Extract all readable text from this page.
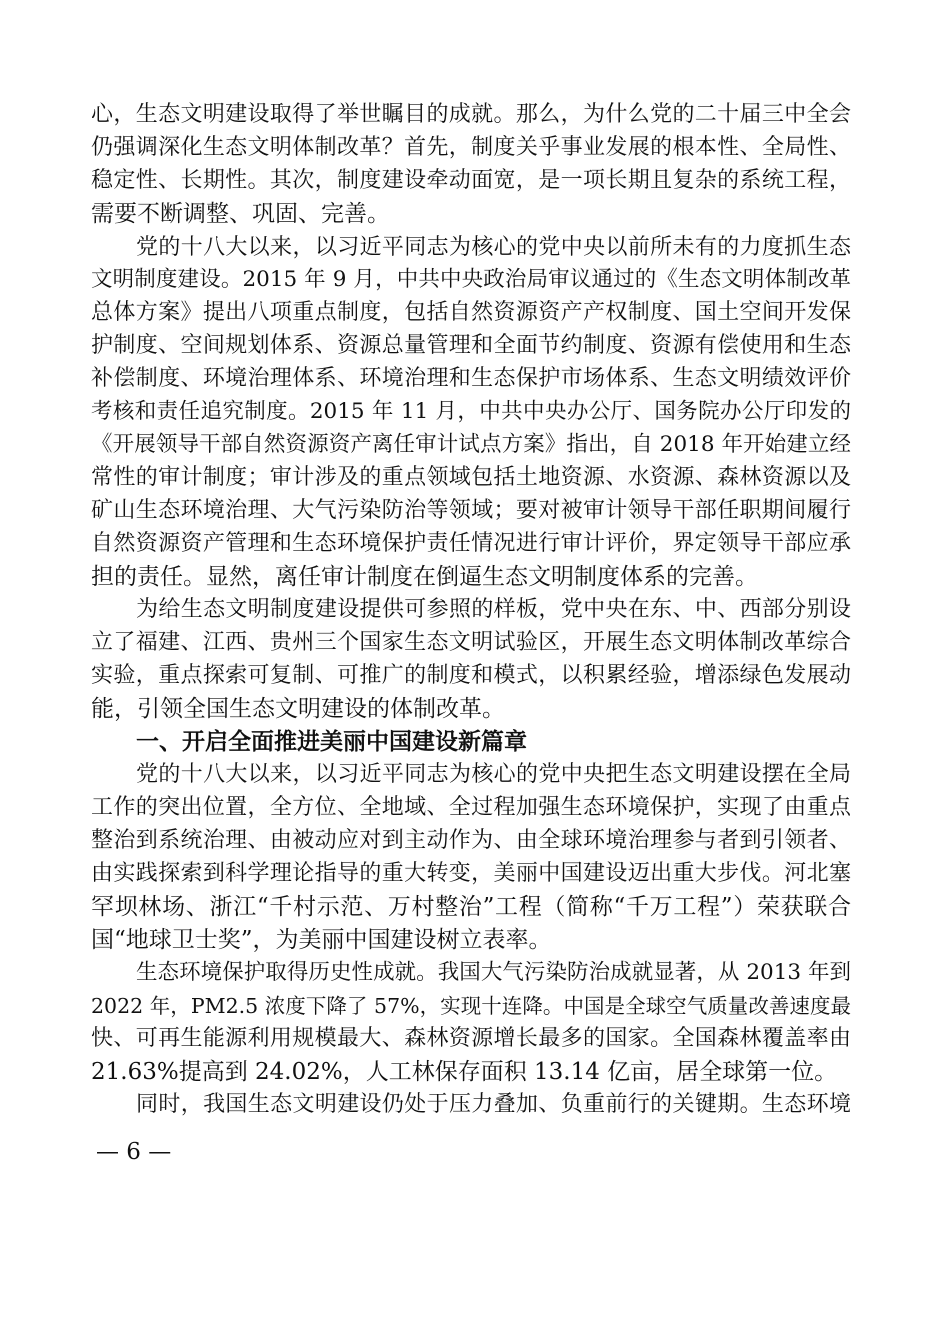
心，生态文明建设取得了举世瞩目的成就。那么，为什么党的二十届三中全会
仍强调深化生态文明体制改革？首先，制度关乎事业发展的根本性、全局性、
稳定性、长期性。其次，制度建设牵动面宽，是一项长期且复杂的系统工程，
需要不断调整、巩固、完善。
党的十八大以来，以习近平同志为核心的党中央以前所未有的力度抓生态
文明制度建设。2015 年 9 月，中共中央政治局审议通过的《生态文明体制改革
总体方案》提出八项重点制度，包括自然资源资产产权制度、国土空间开发保
护制度、空间规划体系、资源总量管理和全面节约制度、资源有偿使用和生态
补偿制度、环境治理体系、环境治理和生态保护市场体系、生态文明绩效评价
考核和责任追究制度。2015 年 11 月，中共中央办公厅、国务院办公厅印发的
《开展领导干部自然资源资产离任审计试点方案》指出，自 2018 年开始建立经
常性的审计制度；审计涉及的重点领域包括土地资源、水资源、森林资源以及
矿山生态环境治理、大气污染防治等领域；要对被审计领导干部任职期间履行
自然资源资产管理和生态环境保护责任情况进行审计评价，界定领导干部应承
担的责任。显然，离任审计制度在倒逼生态文明制度体系的完善。
为给生态文明制度建设提供可参照的样板，党中央在东、中、西部分别设
立了福建、江西、贵州三个国家生态文明试验区，开展生态文明体制改革综合
实验，重点探索可复制、可推广的制度和模式，以积累经验，增添绿色发展动
能，引领全国生态文明建设的体制改革。
一、开启全面推进美丽中国建设新篇章
党的十八大以来，以习近平同志为核心的党中央把生态文明建设摆在全局
工作的突出位置，全方位、全地域、全过程加强生态环境保护，实现了由重点
整治到系统治理、由被动应对到主动作为、由全球环境治理参与者到引领者、
由实践探索到科学理论指导的重大转变，美丽中国建设迈出重大步伐。河北塞
罕坝林场、浙江“千村示范、万村整治”工程（简称“千万工程”）荣获联合
国“地球卫士奖”，为美丽中国建设树立表率。
生态环境保护取得历史性成就。我国大气污染防治成就显著，从 2013 年到
2022 年，PM2.5 浓度下降了 57%，实现十连降。中国是全球空气质量改善速度最
快、可再生能源利用规模最大、森林资源增长最多的国家。全国森林覆盖率由
21.63%提高到 24.02%，人工林保存面积 13.14 亿亩，居全球第一位。
同时，我国生态文明建设仍处于压力叠加、负重前行的关键期。生态环境
— 6 —
